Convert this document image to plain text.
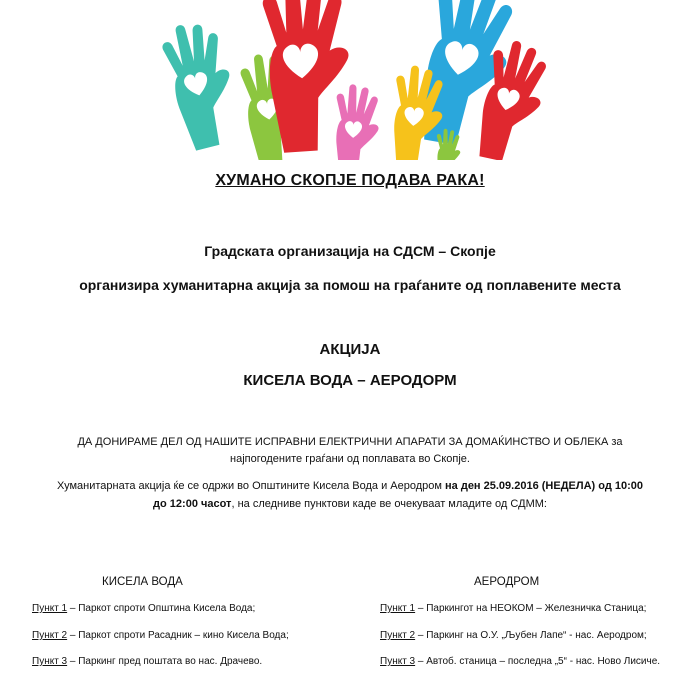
ХУМАНО СКОПЈЕ ПОДАВА РАКА!
Градската организација на СДСМ – Скопје
организира хуманитарна акција за помош на граѓаните од поплавените места
АКЦИЈА
КИСЕЛА ВОДА – АЕРОДОРМ
ДА ДОНИРАМЕ ДЕЛ ОД НАШИТЕ ИСПРАВНИ ЕЛЕКТРИЧНИ АПАРАТИ ЗА ДОМАЌИНСТВО И ОБЛЕКА за
најпогодените граѓани од поплавата во Скопје.
Хуманитарната акција ќе се одржи во Општините Кисела Вода и Аеродром на ден 25.09.2016 (НЕДЕЛА) од 10:00
до 12:00 часот, на следниве пунктови каде ве очекуваат младите од СДММ:
КИСЕЛА ВОДА	АЕРОДРОМ
Пункт 1 – Паркот спроти Општина Кисела Вода;
Пункт 2 – Паркот спроти Расадник – кино Кисела Вода;
Пункт 3 – Паркинг пред поштата во нас. Драчево.
Пункт 1 – Паркингот на НЕОКОМ – Железничка Станица;
Пункт 2 – Паркинг на О.У. „Љубен Лапе“ - нас. Аеродром;
Пункт 3 – Автоб. станица – последна „5“ - нас. Ново Лисиче.
